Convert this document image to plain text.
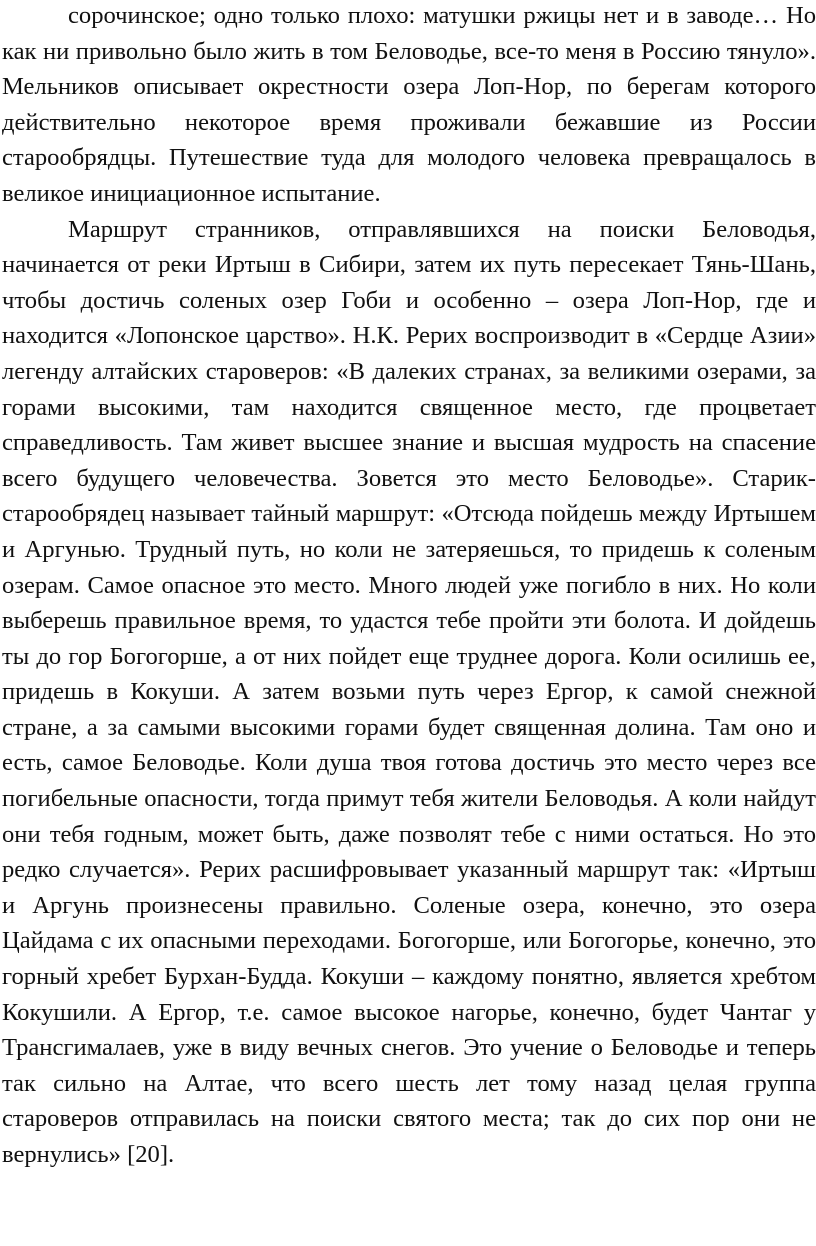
сорочинское; одно только плохо: матушки ржицы нет и в заводе… Но как ни привольно было жить в том Беловодье, все-то меня в Россию тянуло». Мельников описывает окрестности озера Лоп-Нор, по берегам которого действительно некоторое время проживали бежавшие из России старообрядцы. Путешествие туда для молодого человека превращалось в великое инициационное испытание.

Маршрут странников, отправлявшихся на поиски Беловодья, начинается от реки Иртыш в Сибири, затем их путь пересекает Тянь-Шань, чтобы достичь соленых озер Гоби и особенно – озера Лоп-Нор, где и находится «Лопонское царство». Н.К. Рерих воспроизводит в «Сердце Азии» легенду алтайских староверов: «В далеких странах, за великими озерами, за горами высокими, там находится священное место, где процветает справедливость. Там живет высшее знание и высшая мудрость на спасение всего будущего человечества. Зовется это место Беловодье». Старик-старообрядец называет тайный маршрут: «Отсюда пойдешь между Иртышем и Аргунью. Трудный путь, но коли не затеряешься, то придешь к соленым озерам. Самое опасное это место. Много людей уже погибло в них. Но коли выберешь правильное время, то удастся тебе пройти эти болота. И дойдешь ты до гор Богогорше, а от них пойдет еще труднее дорога. Коли осилишь ее, придешь в Кокуши. А затем возьми путь через Ергор, к самой снежной стране, а за самыми высокими горами будет священная долина. Там оно и есть, самое Беловодье. Коли душа твоя готова достичь это место через все погибельные опасности, тогда примут тебя жители Беловодья. А коли найдут они тебя годным, может быть, даже позволят тебе с ними остаться. Но это редко случается». Рерих расшифровывает указанный маршрут так: «Иртыш и Аргунь произнесены правильно. Соленые озера, конечно, это озера Цайдама с их опасными переходами. Богогорше, или Богогорье, конечно, это горный хребет Бурхан-Будда. Кокуши – каждому понятно, является хребтом Кокушили. А Ергор, т.е. самое высокое нагорье, конечно, будет Чантаг у Трансгималаев, уже в виду вечных снегов. Это учение о Беловодье и теперь так сильно на Алтае, что всего шесть лет тому назад целая группа староверов отправилась на поиски святого места; так до сих пор они не вернулись» [20].
